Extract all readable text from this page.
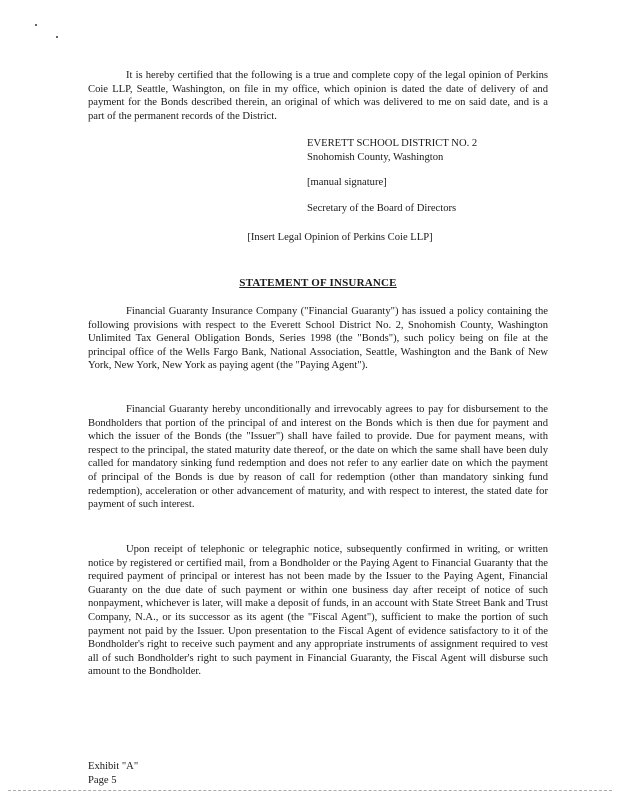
It is hereby certified that the following is a true and complete copy of the legal opinion of Perkins Coie LLP, Seattle, Washington, on file in my office, which opinion is dated the date of delivery of and payment for the Bonds described therein, an original of which was delivered to me on said date, and is a part of the permanent records of the District.
EVERETT SCHOOL DISTRICT NO. 2
Snohomish County, Washington
[manual signature]
Secretary of the Board of Directors
[Insert Legal Opinion of Perkins Coie LLP]
STATEMENT OF INSURANCE
Financial Guaranty Insurance Company ("Financial Guaranty") has issued a policy containing the following provisions with respect to the Everett School District No. 2, Snohomish County, Washington Unlimited Tax General Obligation Bonds, Series 1998 (the "Bonds"), such policy being on file at the principal office of the Wells Fargo Bank, National Association, Seattle, Washington and the Bank of New York, New York, New York as paying agent (the "Paying Agent").
Financial Guaranty hereby unconditionally and irrevocably agrees to pay for disbursement to the Bondholders that portion of the principal of and interest on the Bonds which is then due for payment and which the issuer of the Bonds (the "Issuer") shall have failed to provide. Due for payment means, with respect to the principal, the stated maturity date thereof, or the date on which the same shall have been duly called for mandatory sinking fund redemption and does not refer to any earlier date on which the payment of principal of the Bonds is due by reason of call for redemption (other than mandatory sinking fund redemption), acceleration or other advancement of maturity, and with respect to interest, the stated date for payment of such interest.
Upon receipt of telephonic or telegraphic notice, subsequently confirmed in writing, or written notice by registered or certified mail, from a Bondholder or the Paying Agent to Financial Guaranty that the required payment of principal or interest has not been made by the Issuer to the Paying Agent, Financial Guaranty on the due date of such payment or within one business day after receipt of notice of such nonpayment, whichever is later, will make a deposit of funds, in an account with State Street Bank and Trust Company, N.A., or its successor as its agent (the "Fiscal Agent"), sufficient to make the portion of such payment not paid by the Issuer. Upon presentation to the Fiscal Agent of evidence satisfactory to it of the Bondholder's right to receive such payment and any appropriate instruments of assignment required to vest all of such Bondholder's right to such payment in Financial Guaranty, the Fiscal Agent will disburse such amount to the Bondholder.
Exhibit "A"
Page 5
